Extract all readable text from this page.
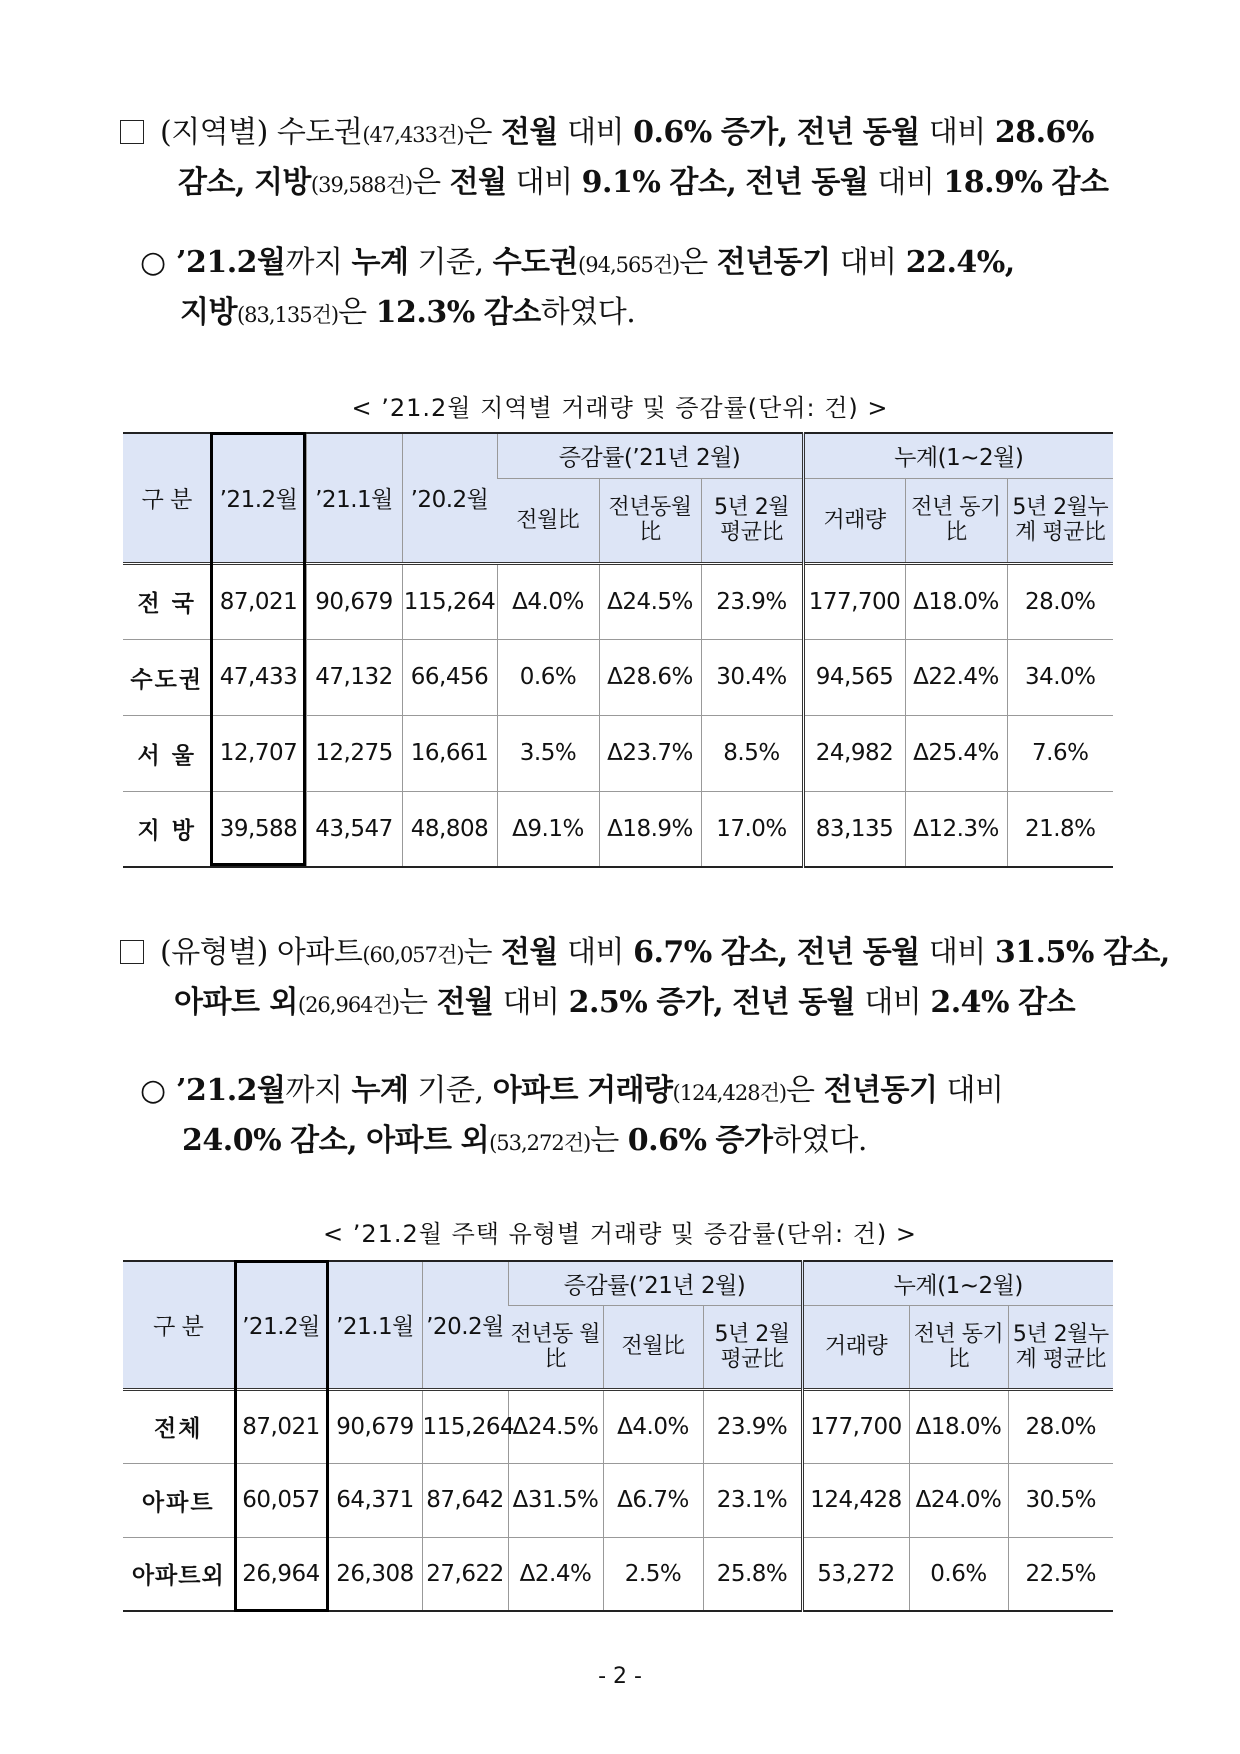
(지역별) 수도권(47,433건)은 전월 대비 0.6% 증가, 전년 동월 대비 28.6%
감소, 지방(39,588건)은 전월 대비 9.1% 감소, 전년 동월 대비 18.9% 감소
○ ’21.2월까지 누계 기준, 수도권(94,565건)은 전년동기 대비 22.4%,
지방(83,135건)은 12.3% 감소하였다.
< ’21.2월 지역별 거래량 및 증감률(단위: 건) >
구 분	’21.2월	’21.1월	’20.2월	증감률(’21년 2월)			누계(1∼2월)		
				전월比	전년동월比	5년 2월 평균比	거래량	전년 동기比	5년 2월누계 평균比
전 국	87,021	90,679	115,264	Δ4.0%	Δ24.5%	23.9%	177,700	Δ18.0%	28.0%
수도권	47,433	47,132	66,456	0.6%	Δ28.6%	30.4%	94,565	Δ22.4%	34.0%
서 울	12,707	12,275	16,661	3.5%	Δ23.7%	8.5%	24,982	Δ25.4%	7.6%
지 방	39,588	43,547	48,808	Δ9.1%	Δ18.9%	17.0%	83,135	Δ12.3%	21.8%
(유형별) 아파트(60,057건)는 전월 대비 6.7% 감소, 전년 동월 대비 31.5% 감소,
아파트 외(26,964건)는 전월 대비 2.5% 증가, 전년 동월 대비 2.4% 감소
○ ’21.2월까지 누계 기준, 아파트 거래량(124,428건)은 전년동기 대비
24.0% 감소, 아파트 외(53,272건)는 0.6% 증가하였다.
< ’21.2월 주택 유형별 거래량 및 증감률(단위: 건) >
구 분	’21.2월	’21.1월	’20.2월	증감률(’21년 2월)			누계(1∼2월)		
				전년동 월比	전월比	5년 2월 평균比	거래량	전년 동기比	5년 2월누계 평균比
전체	87,021	90,679	115,264	Δ24.5%	Δ4.0%	23.9%	177,700	Δ18.0%	28.0%
아파트	60,057	64,371	87,642	Δ31.5%	Δ6.7%	23.1%	124,428	Δ24.0%	30.5%
아파트외	26,964	26,308	27,622	Δ2.4%	2.5%	25.8%	53,272	0.6%	22.5%
- 2 -
